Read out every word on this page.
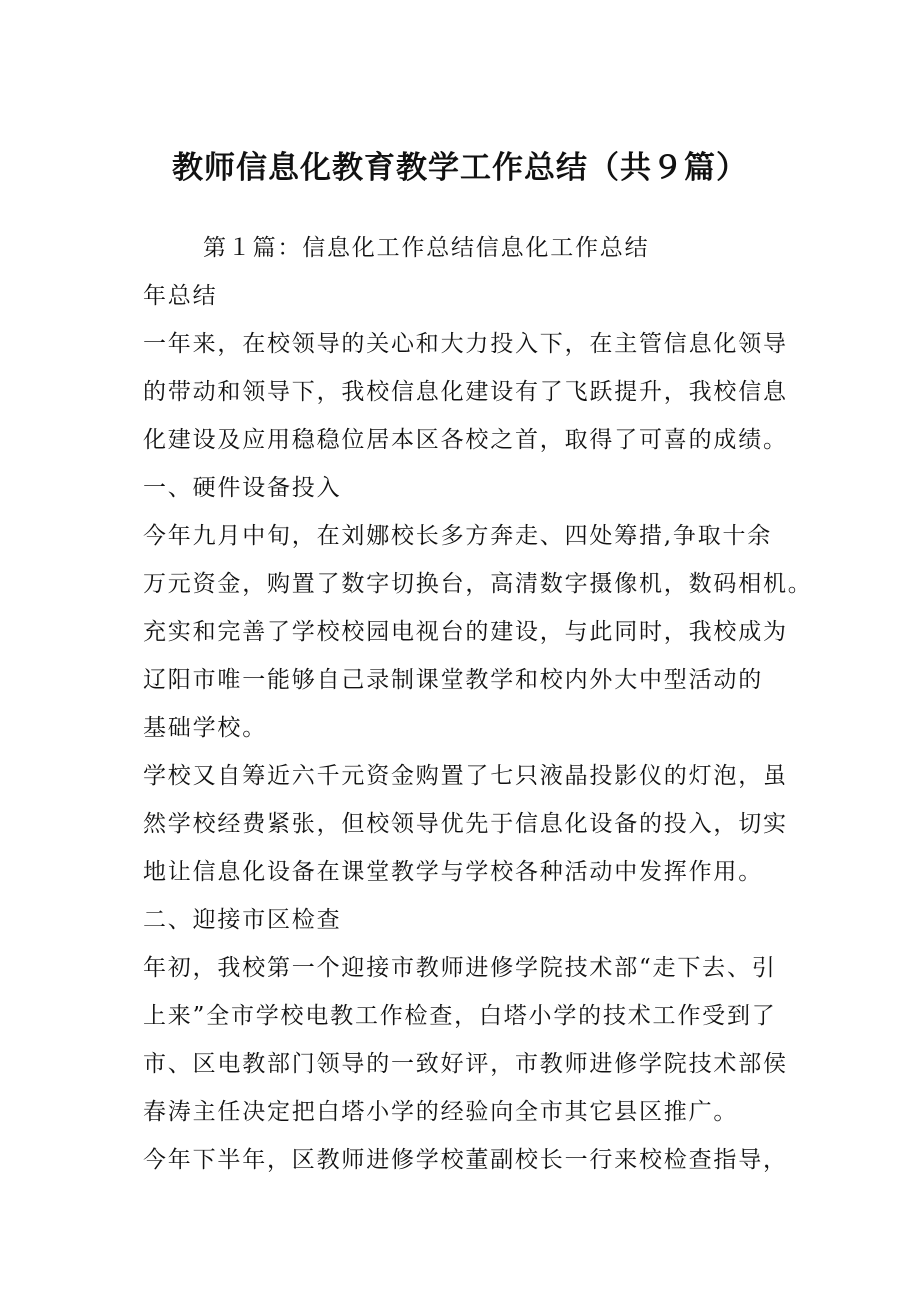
教师信息化教育教学工作总结（共９篇）
第１篇：信息化工作总结信息化工作总结
年总结
一年来，在校领导的关心和大力投入下，在主管信息化领导
的带动和领导下，我校信息化建设有了飞跃提升，我校信息
化建设及应用稳稳位居本区各校之首，取得了可喜的成绩。
一、硬件设备投入
今年九月中旬，在刘娜校长多方奔走、四处筹措,争取十余
万元资金，购置了数字切换台，高清数字摄像机，数码相机。
充实和完善了学校校园电视台的建设，与此同时，我校成为
辽阳市唯一能够自己录制课堂教学和校内外大中型活动的
基础学校。
学校又自筹近六千元资金购置了七只液晶投影仪的灯泡，虽
然学校经费紧张，但校领导优先于信息化设备的投入，切实
地让信息化设备在课堂教学与学校各种活动中发挥作用。
二、迎接市区检查
年初，我校第一个迎接市教师进修学院技术部“走下去、引
上来”全市学校电教工作检查，白塔小学的技术工作受到了
市、区电教部门领导的一致好评，市教师进修学院技术部侯
春涛主任决定把白塔小学的经验向全市其它县区推广。
今年下半年，区教师进修学校董副校长一行来校检查指导，
